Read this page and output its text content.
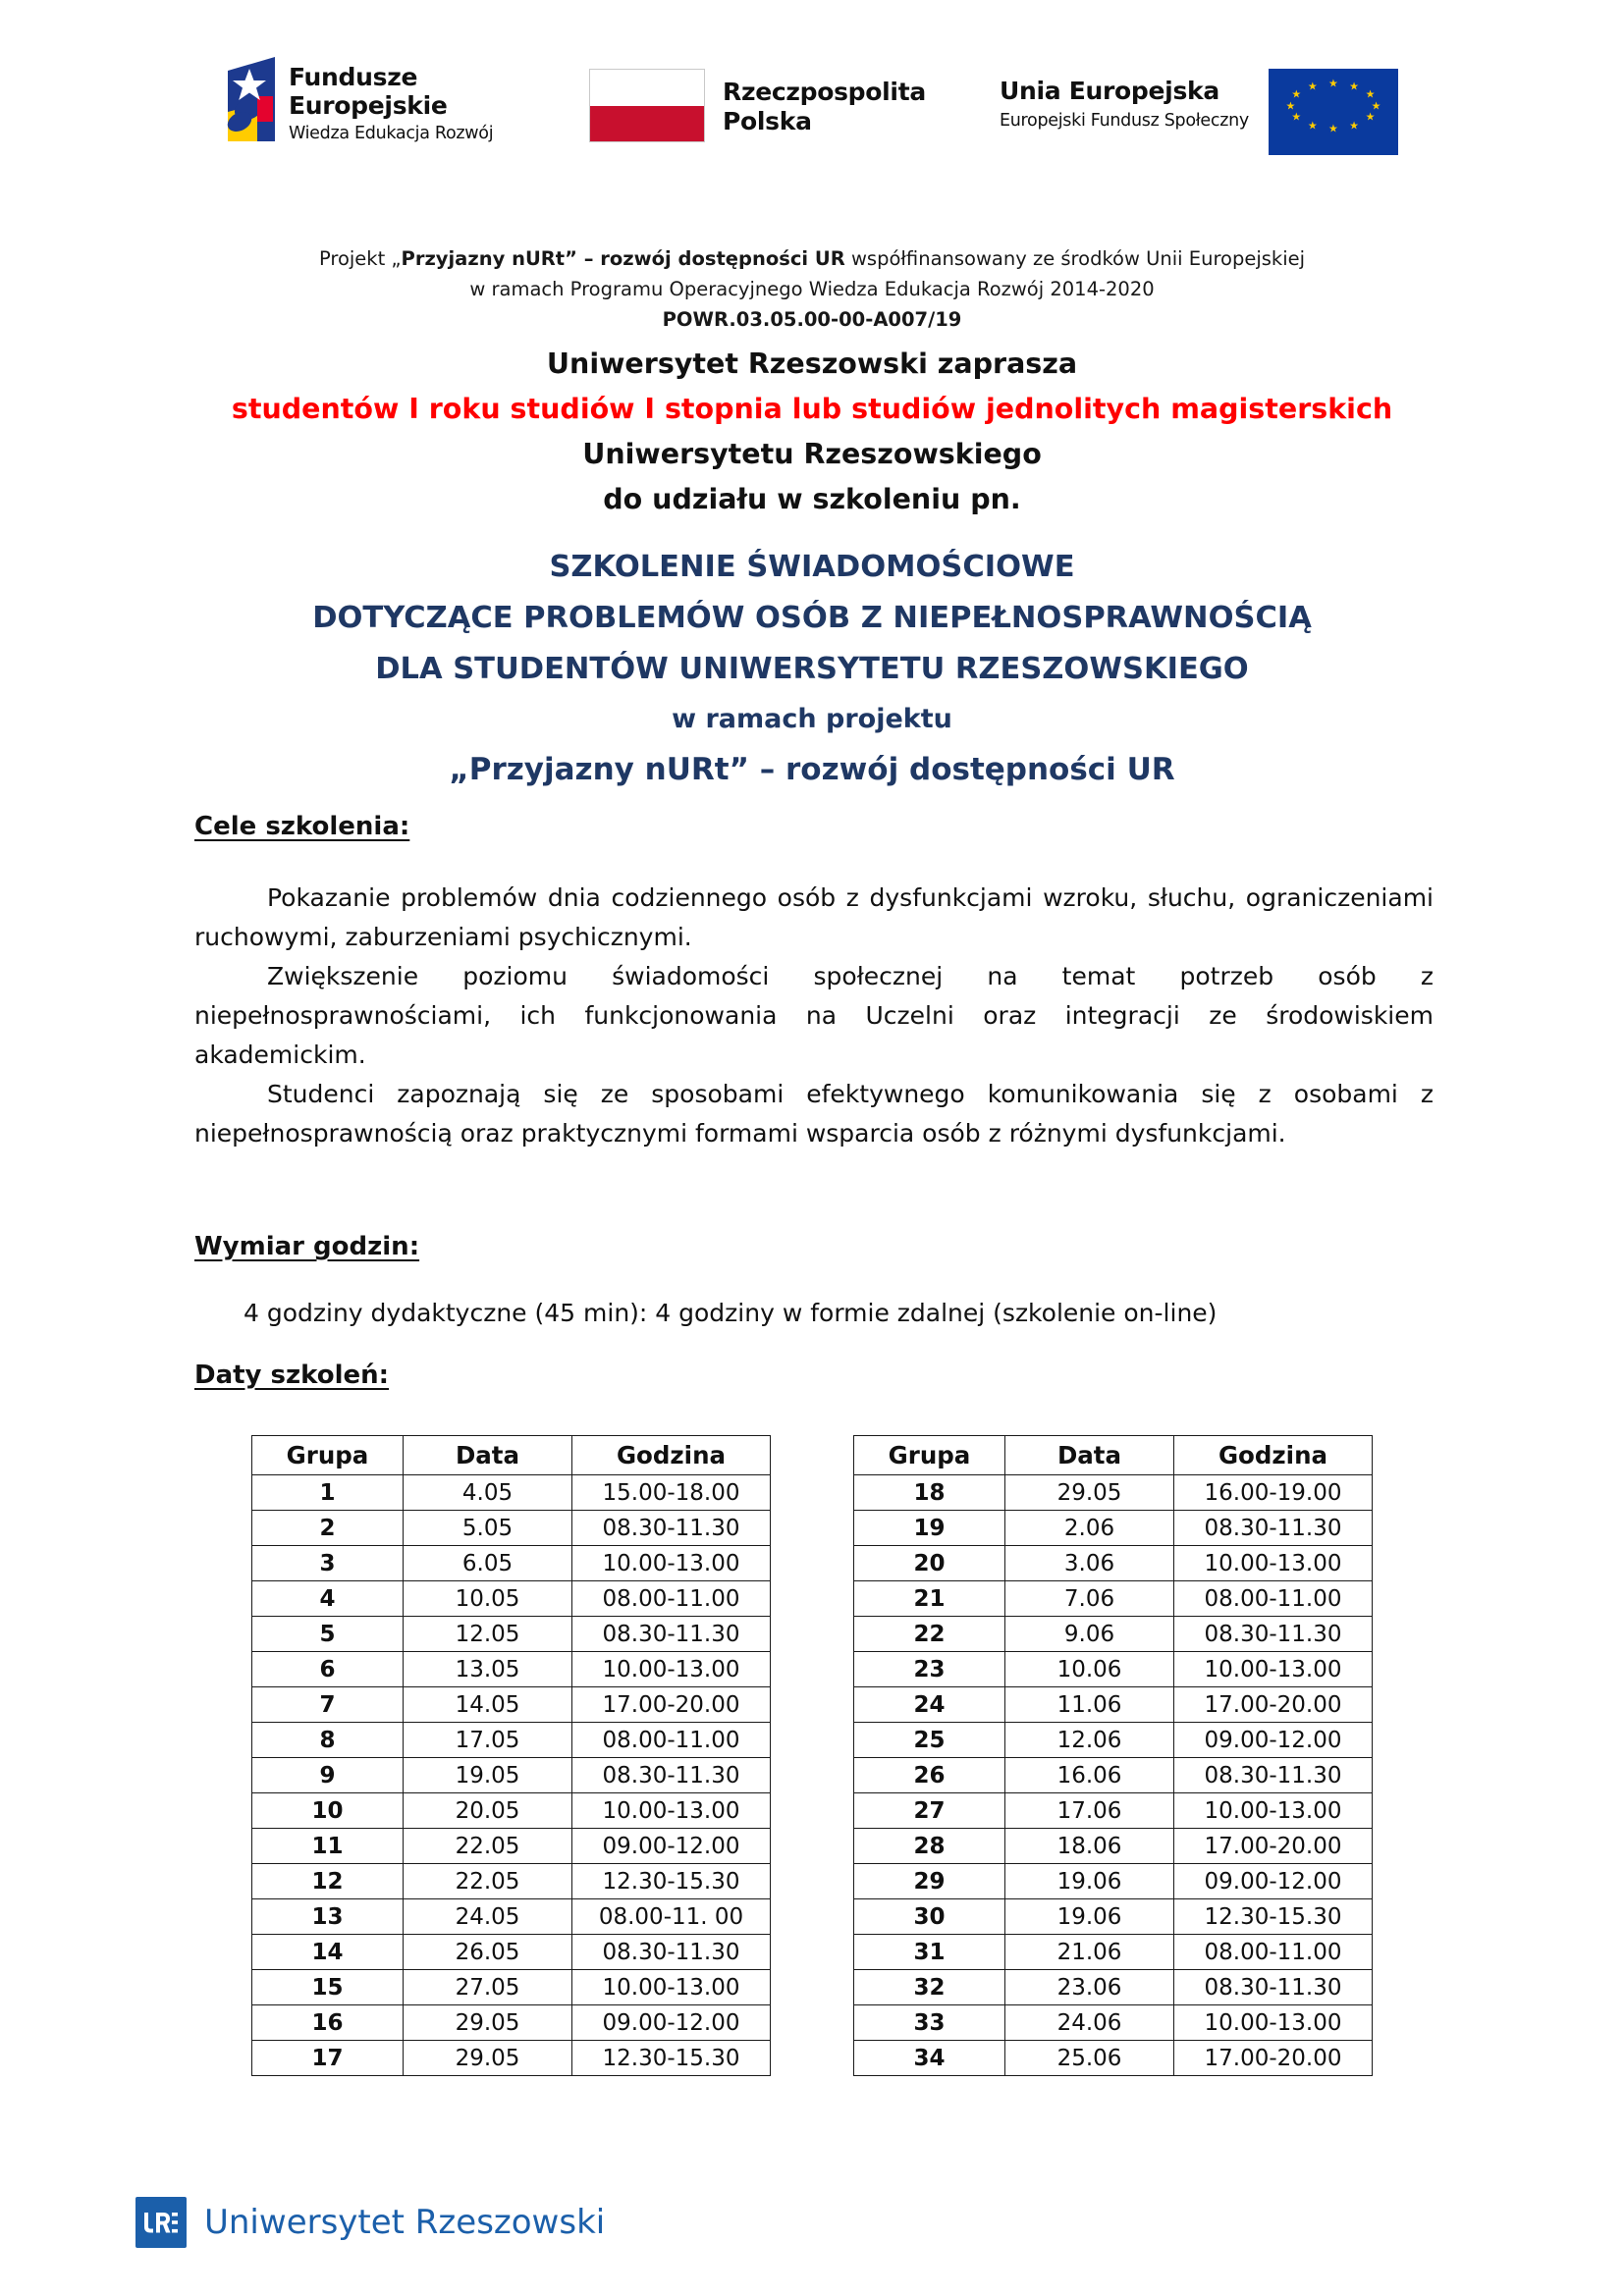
Fundusze
Europejskie
Wiedza Edukacja Rozwój
Rzeczpospolita
Polska
★ ★
★
★
★
★
★
★
★
★
★
★
Unia Europejska
Europejski Fundusz Społeczny
Projekt „Przyjazny nURt” – rozwój dostępności UR współfinansowany ze środków Unii Europejskiej
w ramach Programu Operacyjnego Wiedza Edukacja Rozwój 2014-2020
POWR.03.05.00-00-A007/19
Uniwersytet Rzeszowski zaprasza
studentów I roku studiów I stopnia lub studiów jednolitych magisterskich
Uniwersytetu Rzeszowskiego
do udziału w szkoleniu pn.
SZKOLENIE ŚWIADOMOŚCIOWE
DOTYCZĄCE PROBLEMÓW OSÓB Z NIEPEŁNOSPRAWNOŚCIĄ
DLA STUDENTÓW UNIWERSYTETU RZESZOWSKIEGO
w ramach projektu
„Przyjazny nURt” – rozwój dostępności UR
Cele szkolenia:

Pokazanie problemów dnia codziennego osób z dysfunkcjami wzroku, słuchu, ograniczeniami ruchowymi, zaburzeniami psychicznymi.

Zwiększenie poziomu świadomości społecznej na temat potrzeb osób z niepełnosprawnościami, ich funkcjonowania na Uczelni oraz integracji ze środowiskiem akademickim.

Studenci zapoznają się ze sposobami efektywnego komunikowania się z osobami z niepełnosprawnością oraz praktycznymi formami wsparcia osób z różnymi dysfunkcjami.

Wymiar godzin:
4 godziny dydaktyczne (45 min): 4 godziny w formie zdalnej (szkolenie on-line)
Daty szkoleń:
Grupa	Data	Godzina
1	4.05	15.00-18.00
2	5.05	08.30-11.30
3	6.05	10.00-13.00
4	10.05	08.00-11.00
5	12.05	08.30-11.30
6	13.05	10.00-13.00
7	14.05	17.00-20.00
8	17.05	08.00-11.00
9	19.05	08.30-11.30
10	20.05	10.00-13.00
11	22.05	09.00-12.00
12	22.05	12.30-15.30
13	24.05	08.00-11. 00
14	26.05	08.30-11.30
15	27.05	10.00-13.00
16	29.05	09.00-12.00
17	29.05	12.30-15.30
Grupa	Data	Godzina
18	29.05	16.00-19.00
19	2.06	08.30-11.30
20	3.06	10.00-13.00
21	7.06	08.00-11.00
22	9.06	08.30-11.30
23	10.06	10.00-13.00
24	11.06	17.00-20.00
25	12.06	09.00-12.00
26	16.06	08.30-11.30
27	17.06	10.00-13.00
28	18.06	17.00-20.00
29	19.06	09.00-12.00
30	19.06	12.30-15.30
31	21.06	08.00-11.00
32	23.06	08.30-11.30
33	24.06	10.00-13.00
34	25.06	17.00-20.00
Uniwersytet Rzeszowski
